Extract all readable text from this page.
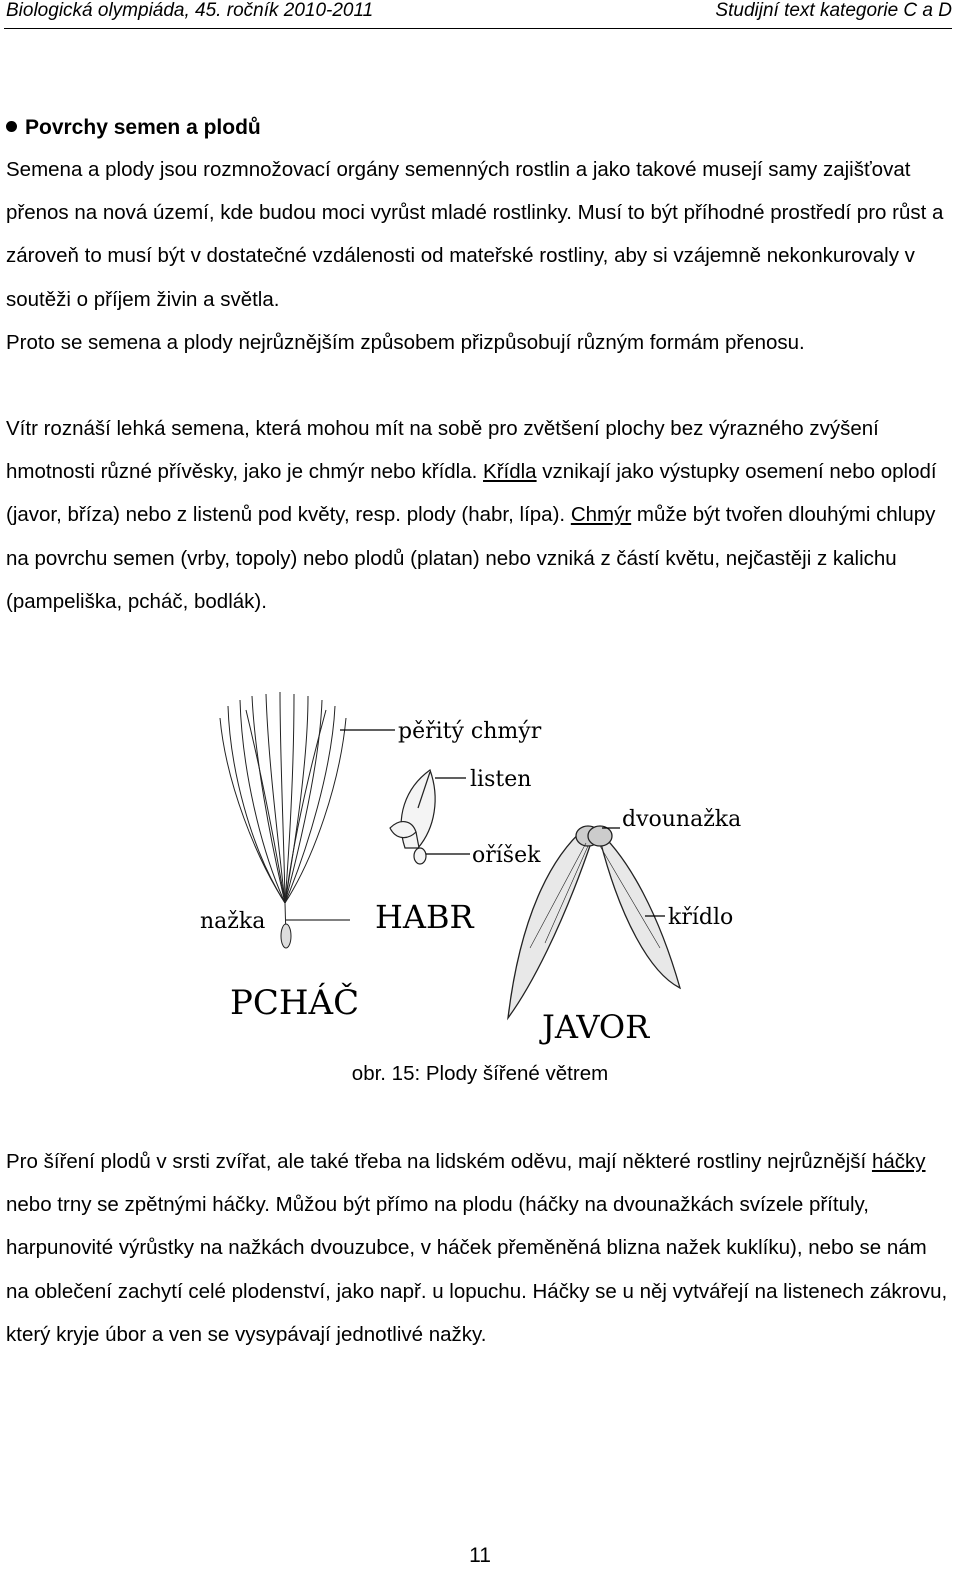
Biologická olympiáda, 45. ročník 2010-2011	Studijní text kategorie C a D
Povrchy semen a plodů

Semena a plody jsou rozmnožovací orgány semenných rostlin a jako takové musejí samy zajišťovat přenos na nová území, kde budou moci vyrůst mladé rostlinky. Musí to být příhodné prostředí pro růst a zároveň to musí být v dostatečné vzdálenosti od mateřské rostliny, aby si vzájemně nekonkurovaly v soutěži o příjem živin a světla.

Proto se semena a plody nejrůznějším způsobem přizpůsobují různým formám přenosu.

Vítr roznáší lehká semena, která mohou mít na sobě pro zvětšení plochy bez výrazného zvýšení hmotnosti různé přívěsky, jako je chmýr nebo křídla. Křídla vznikají jako výstupky osemení nebo oplodí (javor, bříza) nebo z listenů pod květy, resp. plody (habr, lípa). Chmýr může být tvořen dlouhými chlupy na povrchu semen (vrby, topoly) nebo plodů (platan) nebo vzniká z částí květu, nejčastěji z kalichu (pampeliška, pcháč, bodlák).

nažka
PCHÁČ
pěřitý chmýr
listen
oříšek
HABR
dvounažka
křídlo
JAVOR
obr. 15: Plody šířené větrem

Pro šíření plodů v srsti zvířat, ale také třeba na lidském oděvu, mají některé rostliny nejrůznější háčky nebo trny se zpětnými háčky. Můžou být přímo na plodu (háčky na dvounažkách svízele přítuly, harpunovité výrůstky na nažkách dvouzubce, v háček přeměněná blizna nažek kuklíku), nebo se nám na oblečení zachytí celé plodenství, jako např. u lopuchu. Háčky se u něj vytvářejí na listenech zákrovu, který kryje úbor a ven se vysypávají jednotlivé nažky.

11
